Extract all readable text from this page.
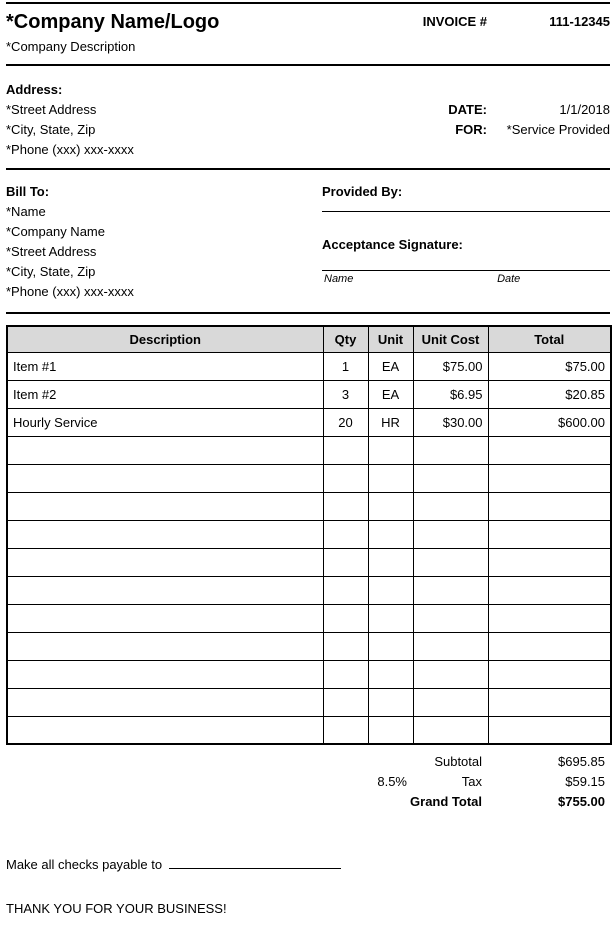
*Company Name/Logo	INVOICE #	111-12345
*Company Description
Address:
*Street Address
*City, State, Zip
*Phone (xxx) xxx-xxxx

DATE:	1/1/2018
FOR:	*Service Provided
Bill To:
*Name
*Company Name
*Street Address
*City, State, Zip
*Phone (xxx) xxx-xxxx
Provided By:
Acceptance Signature:
Name	Date
Description	Qty	Unit	Unit Cost	Total
Item #1	1	EA	$75.00	$75.00
Item #2	3	EA	$6.95	$20.85
Hourly Service	20	HR	$30.00	$600.00

Subtotal		$695.85
8.5%	Tax	$59.15
Grand Total		$755.00
Make all checks payable to
THANK YOU FOR YOUR BUSINESS!
